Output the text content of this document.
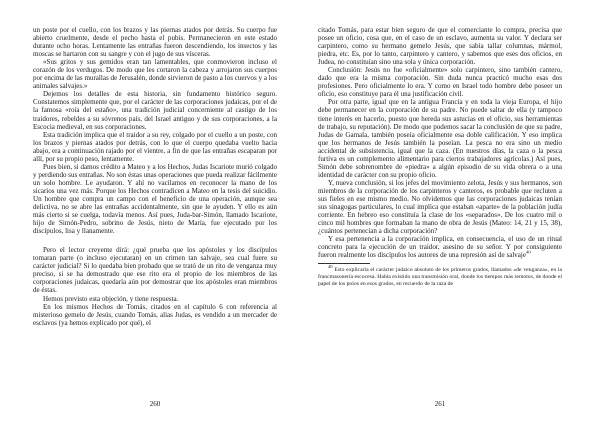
un poste por el cuello, con los brazos y las piernas atados por detrás. Su cuerpo fue abierto cruelmente, desde el pecho hasta el pubis. Permanecieron en este estado durante ocho horas. Lentamente las entrañas fueron descendiendo, los insectos y las moscas se hartaron con su sangre y con el jugo de sus vísceras.

«Sus gritos y sus gemidos eran tan lamentables, que conmovieron incluso el corazón de los verdugos. De modo que les cortaron la cabeza y arrojaron sus cuerpos por encima de las murallas de Jerusalén, donde sirvieron de pasto a los cuervos y a los animales salvajes.»

Dejemos los detalles de esta historia, sin fundamento histórico seguro. Constatemos simplemente que, por el carácter de las corporaciones judaicas, por el de la famosa «roía del estaño», una tradición judicial concerniente al castigo de los traidores, rebeldes a su sóvrenos país, del Israel antiguo y de sus corporaciones, a la Escocia medieval, en sus corporaciones.

Esta tradición implica que el traidor a su rey, colgado por el cuello a un poste, con los brazos y piernas atados por detrás, con lo que el cuerpo quedaba vuelto hacia abajo, era a continuación rajado por el vientre, a fin de que las entrañas escaparan por allí, por su propio peso, lentamente.

Pues bien, si damos crédito a Mateo y a los Hechos, Judas Iscariote murió colgado y perdiendo sus entrañas. No son éstas unas operaciones que pueda realizar fácilmente un solo hombre. Le ayudaron. Y ahí no vacilamos en reconocer la mano de los sicarios una vez más. Porque los Hechos contradicen a Mateo en la tesis del suicidio. Un hombre que compra un campo con el beneficio de una operación, aunque sea delictiva, no se abre las entrañas accidentalmente, sin que le ayuden. Y ello es aún más cierto si se cuelga, todavía menos. Así pues, Juda-bar-Simón, llamado Iscariote, hijo de Simón-Pedro, sobrino de Jesús, nieto de María, fue ejecutado por los discípulos, lisa y llanamente.

Pero el lector creyente dirá: ¿qué prueba que los apóstoles y los discípulos tomaran parte (o incluso ejecutaran) en un crimen tan salvaje, sea cual fuere su carácter judicial? Si lo quedaba bien probado que se trató de un rito de venganza muy preciso, si se ha demostrado que ese rito era el propio de los miembros de las corporaciones judaicas, quedaría aún por demostrar que los apóstoles eran miembros de éstas.

Hemos previsto esta objeción, y tiene respuesta.

En los mismos Hechos de Tomás, citados en el capítulo 6 con referencia al misterioso gemelo de Jesús, cuando Tomás, alias Judas, es vendido a un mercader de esclavos (ya hemos explicado por qué), el

260

citado Tomás, para estar bien seguro de que el comerciante lo compra, precisa que posee un oficio, cosa que, en el caso de un esclavo, aumenta su valor. Y declara ser carpintero, como su hermano gemelo Jesús, que sabía tallar columnas, mármol, piedra, etc. Es, por lo tanto, carpintero y cantero, y sabemos que eses dos oficios, en Judea, no constituían sino una sola y única corporación.

Conclusión: Jesús no fue «oficialmente» solo carpintero, sino también cantero, dado que era la misma corporación. Sin duda nunca practicó mucho esas dos profesiones. Pero oficialmente lo era. Y como en Israel todo hombre debe poseer un oficio, eso constituye para él una justificación civil.

Por otra parte, igual que en la antigua Francia y en toda la vieja Europa, el hijo debe permanecer en la corporación de su padre. No puede saltar de ella (y tampoco tiene interés en hacerlo, puesto que hereda sus astucias en el oficio, sus herramientas de trabajo, su reputación). De modo que podemos sacar la conclusión de que su padre, Judas de Gamala, también poseía oficialmente esa doble calificación. Y eso implica que los hermanos de Jesús también la poseían. La pesca no era sino un medio accidental de subsistencia, igual que la caza. (En nuestros días, la caza o la pesca furtiva es un complemento alimentario para ciertos trabajadores agrícolas.) Así pues, Simón debe sobrenombre de «piedra» a algún episodio de su vida obrera o a una identidad de carácter con su propio oficio.

Y, nueva conclusión, si los jefes del movimiento zelota, Jesús y sus hermanos, son miembros de la corporación de los carpinteros y canteros, es probable que recluten a sus fieles en ese mismo medio. No olvidemos que las corporaciones judaicas tenían sus sinagogas particulares, lo cual implica que estaban «aparte» de la población judía corriente. En hebreo eso constituía la clase de los «separados». De los cuatro mil o cinco mil hombres que formaban la mano de obra de Jesús (Mateo: 14, 21 y 15, 38), ¿cuántos pertenecían a dicha corporación?

Y esa pertenencia a la corporación implica, en consecuencia, el uso de un ritual concreto para la ejecución de un traidor, asesino de su señor. Y por consiguiente fueron realmente los discípulos los autores de una represión así de salvaje$^{40}$

$^{40}$ Esto explicaría el carácter judaico absoluto de los primeros grados, llamados «de venganza», en la francmasonería escocesa. Había existido una transmisión oral, donde los tiempos más remotos, de donde el papel de los polos en esos grados, en recuerdo de la raza de

261
